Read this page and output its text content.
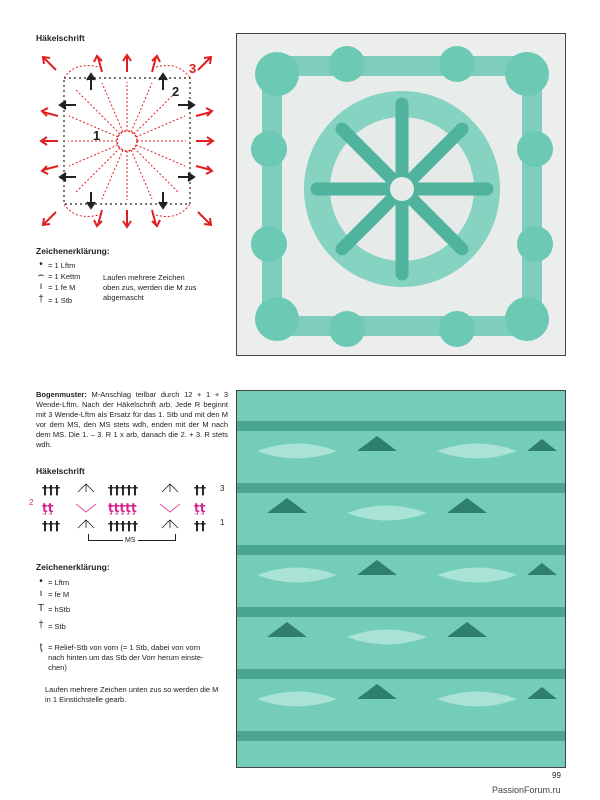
Häkelschrift
1
2
3
Zeichenerklärung:
•
= 1 Lftm
⌢
= 1 Kettm
ı
= 1 fe M
†
= 1 Stb
Laufen mehrere Zeichen oben zus, werden die M zus abgemascht
Bogenmuster: M-Anschlag teilbar durch 12 + 1 + 3 Wende-Lftm. Nach der Häkelschrift arb. Jede R beginnt mit 3 Wende-Lftm als Ersatz für das 1. Stb und mit den M vor dem MS, den MS stets wdh, enden mit der M nach dem MS. Die 1. – 3. R 1 x arb, danach die 2. + 3. R stets wdh.
Häkelschrift
†††
ţţ
†††
†††††
ţţţţţ
†††††
††
ţţ
††
2
3
1
MS
Zeichenerklärung:
•
= Lftm
ı
= fe M
T
= hStb
†
= Stb
ţ
= Relief-Stb von vorn (= 1 Stb, dabei von vorn nach hinten um das Stb der Vorr herum einste-chen)
Laufen mehrere Zeichen unten zus so werden die M in 1 Einstichstelle gearb.
99
PassionForum.ru
